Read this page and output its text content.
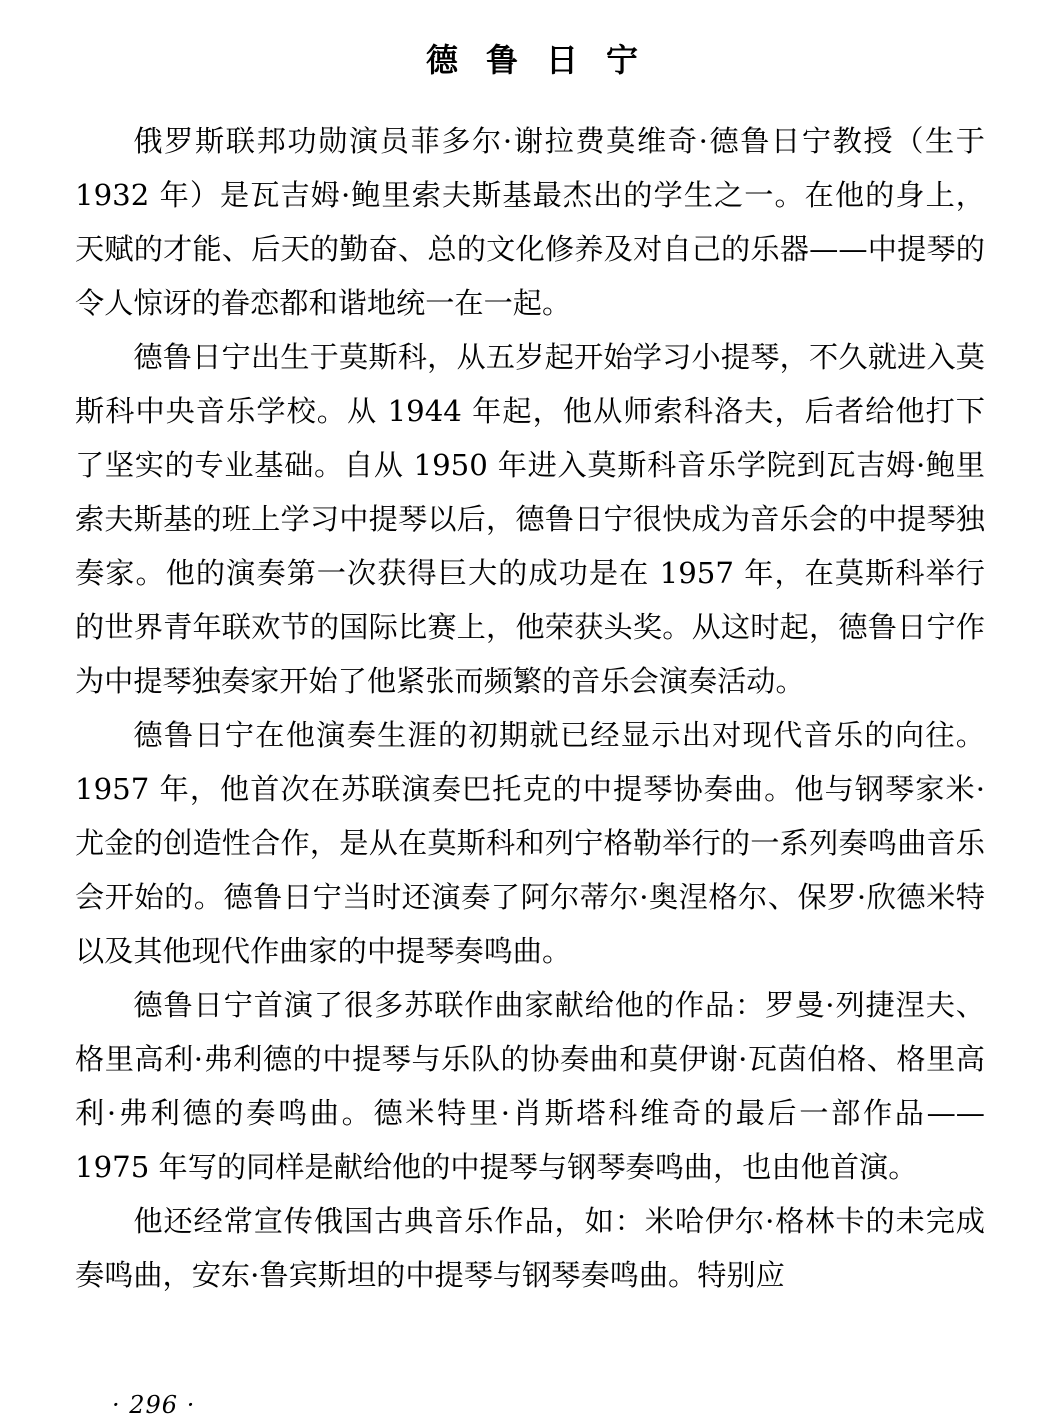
德鲁日宁

俄罗斯联邦功勋演员菲多尔·谢拉费莫维奇·德鲁日宁教授（生于 1932 年）是瓦吉姆·鲍里索夫斯基最杰出的学生之一。在他的身上，天赋的才能、后天的勤奋、总的文化修养及对自己的乐器——中提琴的令人惊讶的眷恋都和谐地统一在一起。

德鲁日宁出生于莫斯科，从五岁起开始学习小提琴，不久就进入莫斯科中央音乐学校。从 1944 年起，他从师索科洛夫，后者给他打下了坚实的专业基础。自从 1950 年进入莫斯科音乐学院到瓦吉姆·鲍里索夫斯基的班上学习中提琴以后，德鲁日宁很快成为音乐会的中提琴独奏家。他的演奏第一次获得巨大的成功是在 1957 年，在莫斯科举行的世界青年联欢节的国际比赛上，他荣获头奖。从这时起，德鲁日宁作为中提琴独奏家开始了他紧张而频繁的音乐会演奏活动。

德鲁日宁在他演奏生涯的初期就已经显示出对现代音乐的向往。1957 年，他首次在苏联演奏巴托克的中提琴协奏曲。他与钢琴家米·尤金的创造性合作，是从在莫斯科和列宁格勒举行的一系列奏鸣曲音乐会开始的。德鲁日宁当时还演奏了阿尔蒂尔·奥涅格尔、保罗·欣德米特以及其他现代作曲家的中提琴奏鸣曲。

德鲁日宁首演了很多苏联作曲家献给他的作品：罗曼·列捷涅夫、格里高利·弗利德的中提琴与乐队的协奏曲和莫伊谢·瓦茵伯格、格里高利·弗利德的奏鸣曲。德米特里·肖斯塔科维奇的最后一部作品——1975 年写的同样是献给他的中提琴与钢琴奏鸣曲，也由他首演。

他还经常宣传俄国古典音乐作品，如：米哈伊尔·格林卡的未完成奏鸣曲，安东·鲁宾斯坦的中提琴与钢琴奏鸣曲。特别应

· 296 ·
